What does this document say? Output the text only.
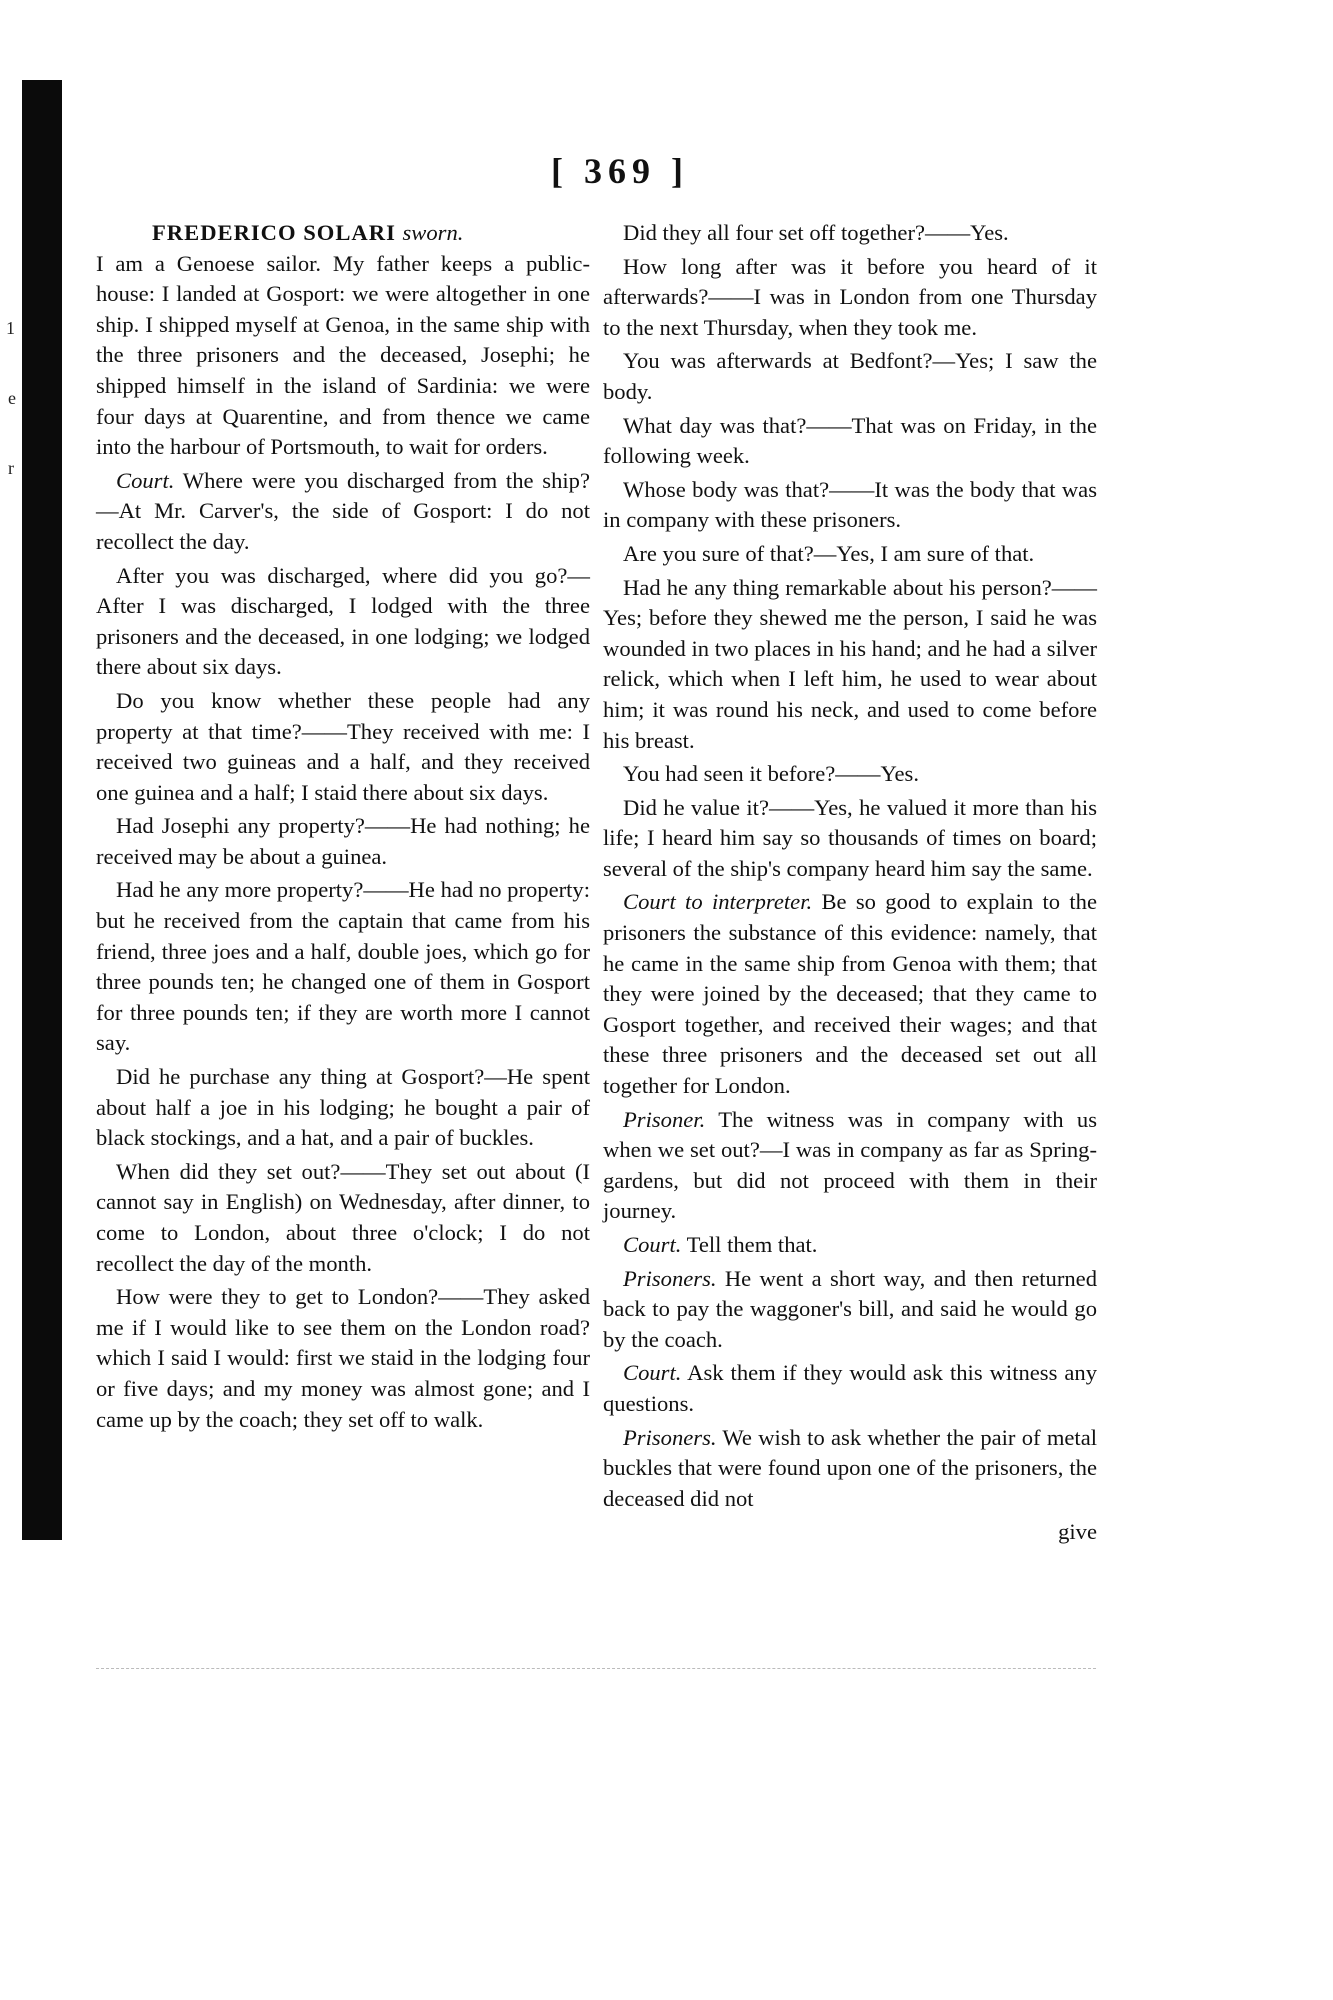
1
e
r
[ 369 ]

FREDERICO SOLARI sworn.

I am a Genoese sailor. My father keeps a public-house: I landed at Gosport: we were altogether in one ship. I shipped myself at Genoa, in the same ship with the three prisoners and the deceased, Josephi; he shipped himself in the island of Sardinia: we were four days at Quarentine, and from thence we came into the harbour of Portsmouth, to wait for orders.

Court. Where were you discharged from the ship?—At Mr. Carver's, the side of Gosport: I do not recollect the day.

After you was discharged, where did you go?—After I was discharged, I lodged with the three prisoners and the deceased, in one lodging; we lodged there about six days.

Do you know whether these people had any property at that time?——They received with me: I received two guineas and a half, and they received one guinea and a half; I staid there about six days.

Had Josephi any property?——He had nothing; he received may be about a guinea.

Had he any more property?——He had no property: but he received from the captain that came from his friend, three joes and a half, double joes, which go for three pounds ten; he changed one of them in Gosport for three pounds ten; if they are worth more I cannot say.

Did he purchase any thing at Gosport?—He spent about half a joe in his lodging; he bought a pair of black stockings, and a hat, and a pair of buckles.

When did they set out?——They set out about (I cannot say in English) on Wednesday, after dinner, to come to London, about three o'clock; I do not recollect the day of the month.

How were they to get to London?——They asked me if I would like to see them on the London road? which I said I would: first we staid in the lodging four or five days; and my money was almost gone; and I came up by the coach; they set off to walk.

Did they all four set off together?——Yes.

How long after was it before you heard of it afterwards?——I was in London from one Thursday to the next Thursday, when they took me.

You was afterwards at Bedfont?—Yes; I saw the body.

What day was that?——That was on Friday, in the following week.

Whose body was that?——It was the body that was in company with these prisoners.

Are you sure of that?—Yes, I am sure of that.

Had he any thing remarkable about his person?——Yes; before they shewed me the person, I said he was wounded in two places in his hand; and he had a silver relick, which when I left him, he used to wear about him; it was round his neck, and used to come before his breast.

You had seen it before?——Yes.

Did he value it?——Yes, he valued it more than his life; I heard him say so thousands of times on board; several of the ship's company heard him say the same.

Court to interpreter. Be so good to explain to the prisoners the substance of this evidence: namely, that he came in the same ship from Genoa with them; that they were joined by the deceased; that they came to Gosport together, and received their wages; and that these three prisoners and the deceased set out all together for London.

Prisoner. The witness was in company with us when we set out?—I was in company as far as Spring-gardens, but did not proceed with them in their journey.

Court. Tell them that.

Prisoners. He went a short way, and then returned back to pay the waggoner's bill, and said he would go by the coach.

Court. Ask them if they would ask this witness any questions.

Prisoners. We wish to ask whether the pair of metal buckles that were found upon one of the prisoners, the deceased did not

give
